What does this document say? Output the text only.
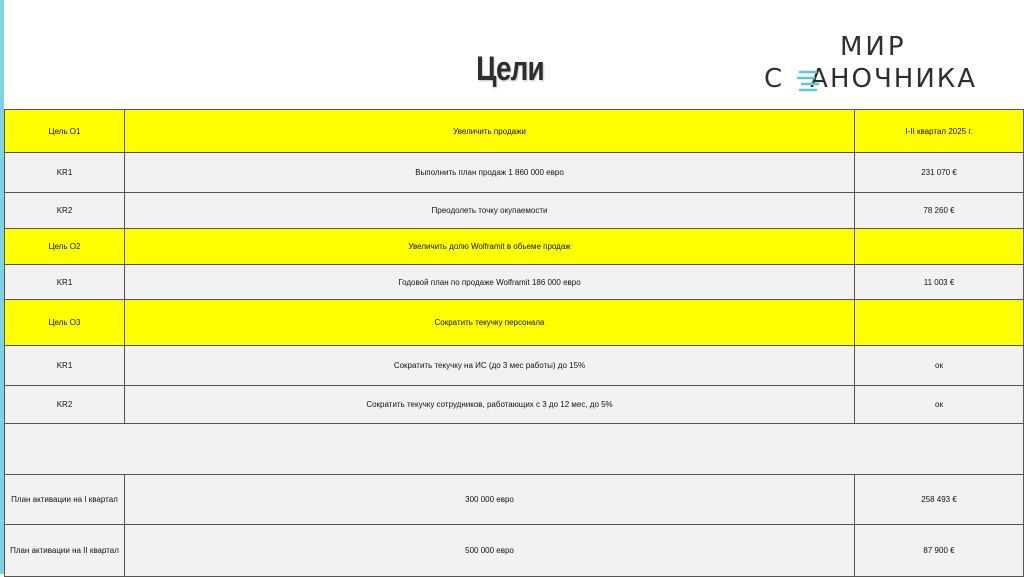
Цели
МИР
С АНОЧНИКА
Цель О1	Увеличить продажи	I-II квартал 2025 г.
KR1	Выполнить план продаж 1 860 000 евро	231 070 €
KR2	Преодолеть точку окупаемости	78 260 €
Цель О2	Увеличить долю Wolframit в обьеме продаж	
KR1	Годовой план по продаже Wolframit 186 000 евро	11 003 €
Цель О3	Сократить текучку персонала	
KR1	Сократить текучку на ИС (до 3 мес работы) до 15%	ок
KR2	Сократить текучку сотрудников, работающих с 3 до 12 мес, до 5%	ок

План активации на I квартал	300 000 евро	258 493 €
План активации на II квартал	500 000 евро	87 900 €
